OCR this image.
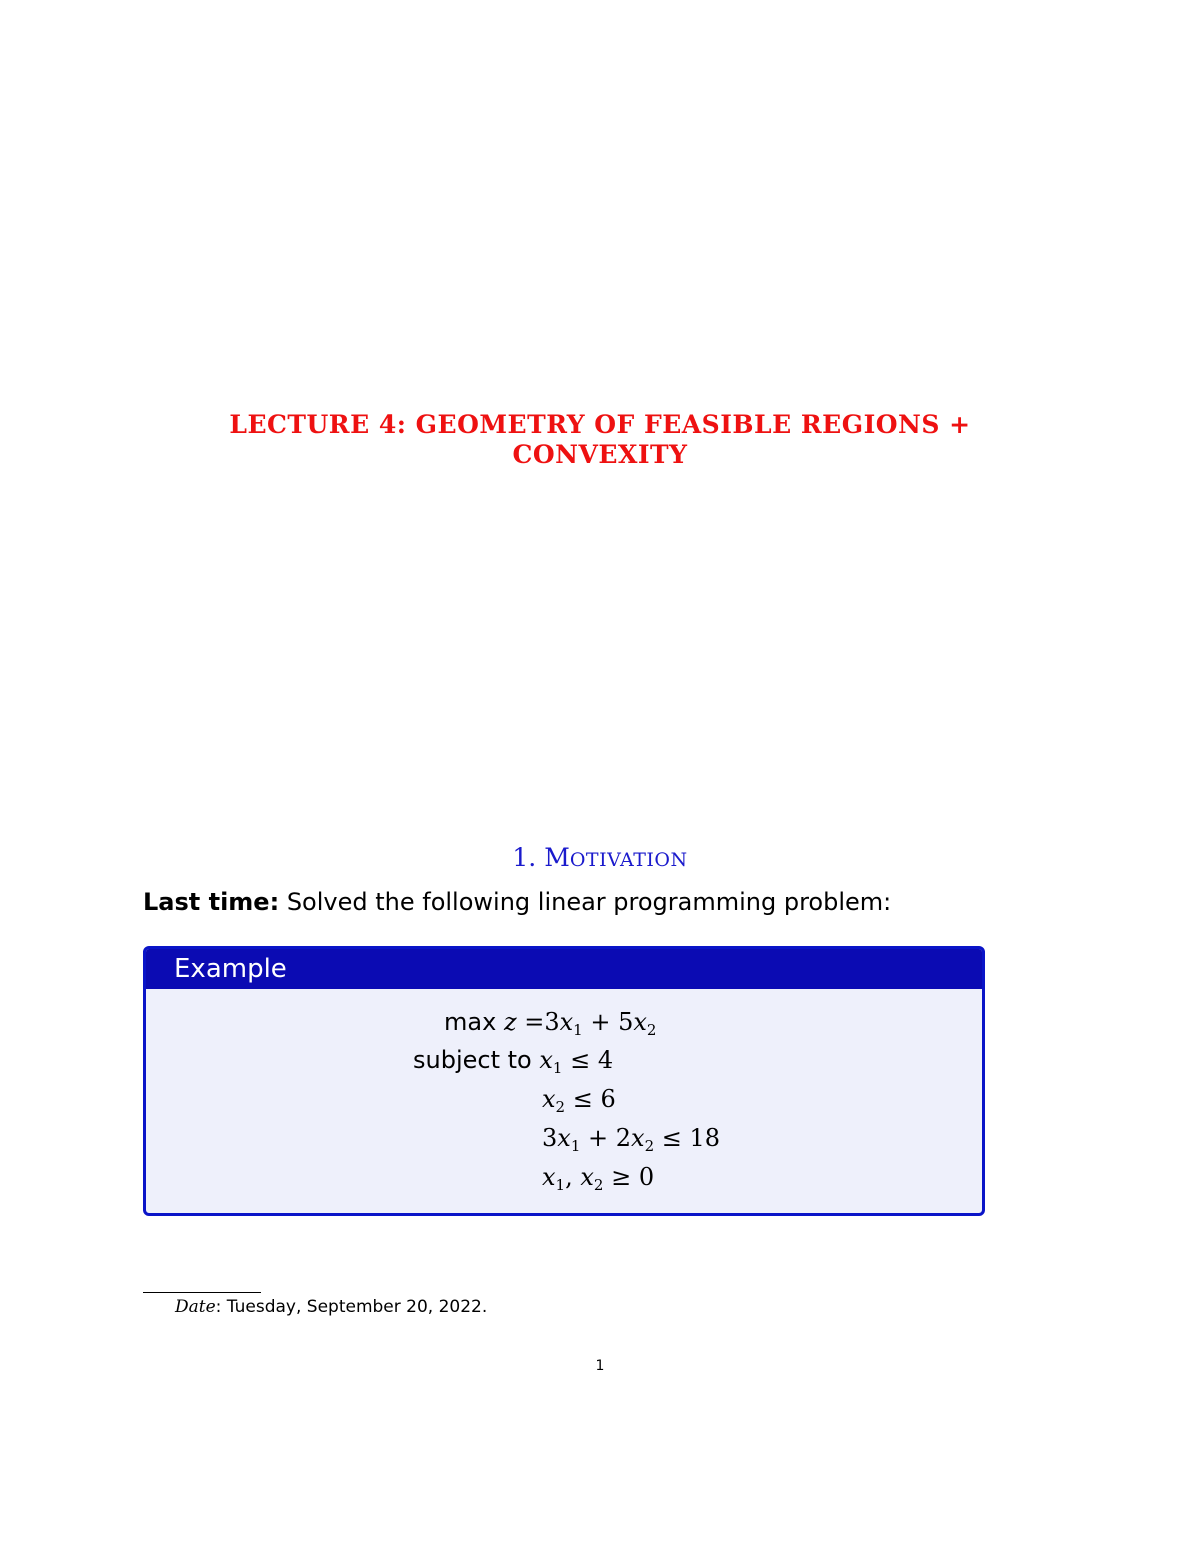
LECTURE 4: GEOMETRY OF FEASIBLE REGIONS +
CONVEXITY
1. MOTIVATION
Last time: Solved the following linear programming problem:
Example
$\max z =3x_1 + 5x_2$
subject to $x_1 \le 4$
$x_2 \le 6$
$3x_1 + 2x_2 \le 18$
$x_1$, $x_2 \ge 0$
Date: Tuesday, September 20, 2022.
1
